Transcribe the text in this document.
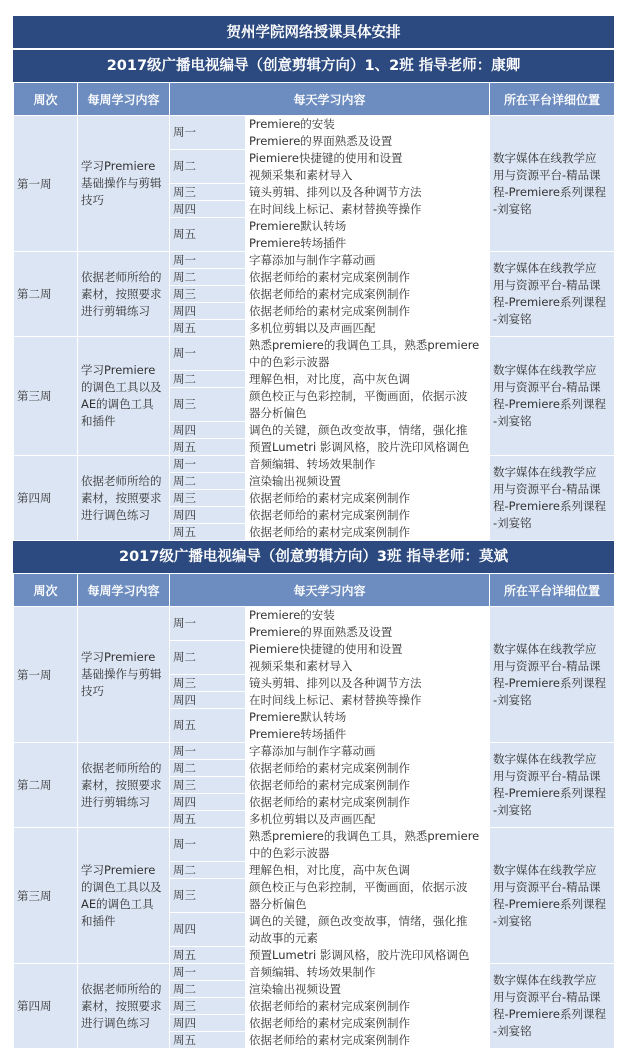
贺州学院网络授课具体安排
2017级广播电视编导（创意剪辑方向）1、2班 指导老师：康卿
周次	每周学习内容	每天学习内容		所在平台详细位置
第一周	学习Premiere
基础操作与剪辑
技巧	周一	Premiere的安装	数字媒体在线教学应
用与资源平台-精品课
程-Premiere系列课程
-刘宴铭

			Premiere的界面熟悉及设置	
		周二	Piemiere快捷键的使用和设置	
			视频采集和素材导入	
		周三	镜头剪辑、排列以及各种调节方法	
		周四	在时间线上标记、素材替换等操作	
		周五	Premiere默认转场	
			Premiere转场插件	
第二周	依据老师所给的
素材，按照要求
进行剪辑练习	周一	字幕添加与制作字幕动画	数字媒体在线教学应
用与资源平台-精品课
程-Premiere系列课程
-刘宴铭

		周二	依据老师给的素材完成案例制作	
		周三	依据老师给的素材完成案例制作	
		周四	依据老师给的素材完成案例制作	
		周五	多机位剪辑以及声画匹配	
第三周	学习Premiere
的调色工具以及
AE的调色工具
和插件	周一	熟悉premiere的我调色工具，熟悉premiere	数字媒体在线教学应
用与资源平台-精品课
程-Premiere系列课程
-刘宴铭

			中的色彩示波器	
		周二	理解色相，对比度，高中灰色调	
		周三	颜色校正与色彩控制，平衡画面，依据示波	
			器分析偏色	
		周四	调色的关键，颜色改变故事，情绪，强化推	
		周五	预置Lumetri 影调风格，胶片洗印风格调色	
第四周	依据老师所给的
素材，按照要求
进行调色练习	周一	音频编辑、转场效果制作	数字媒体在线教学应
用与资源平台-精品课
程-Premiere系列课程
-刘宴铭

		周二	渲染输出视频设置	
		周三	依据老师给的素材完成案例制作	
		周四	依据老师给的素材完成案例制作	
		周五	依据老师给的素材完成案例制作	
2017级广播电视编导（创意剪辑方向）3班 指导老师：莫斌
周次	每周学习内容	每天学习内容		所在平台详细位置
第一周	学习Premiere
基础操作与剪辑
技巧	周一	Premiere的安装	数字媒体在线教学应
用与资源平台-精品课
程-Premiere系列课程
-刘宴铭

			Premiere的界面熟悉及设置	
		周二	Piemiere快捷键的使用和设置	
			视频采集和素材导入	
		周三	镜头剪辑、排列以及各种调节方法	
		周四	在时间线上标记、素材替换等操作	
		周五	Premiere默认转场	
			Premiere转场插件	
第二周	依据老师所给的
素材，按照要求
进行剪辑练习	周一	字幕添加与制作字幕动画	数字媒体在线教学应
用与资源平台-精品课
程-Premiere系列课程
-刘宴铭

		周二	依据老师给的素材完成案例制作	
		周三	依据老师给的素材完成案例制作	
		周四	依据老师给的素材完成案例制作	
		周五	多机位剪辑以及声画匹配	
第三周	学习Premiere
的调色工具以及
AE的调色工具
和插件	周一	熟悉premiere的我调色工具，熟悉premiere	数字媒体在线教学应
用与资源平台-精品课
程-Premiere系列课程
-刘宴铭

			中的色彩示波器	
		周二	理解色相，对比度，高中灰色调	
		周三	颜色校正与色彩控制，平衡画面，依据示波	
			器分析偏色	
		周四	调色的关键，颜色改变故事，情绪，强化推	
			动故事的元素	
		周五	预置Lumetri 影调风格，胶片洗印风格调色	
第四周	依据老师所给的
素材，按照要求
进行调色练习	周一	音频编辑、转场效果制作	数字媒体在线教学应
用与资源平台-精品课
程-Premiere系列课程
-刘宴铭

		周二	渲染输出视频设置	
		周三	依据老师给的素材完成案例制作	
		周四	依据老师给的素材完成案例制作	
		周五	依据老师给的素材完成案例制作	
